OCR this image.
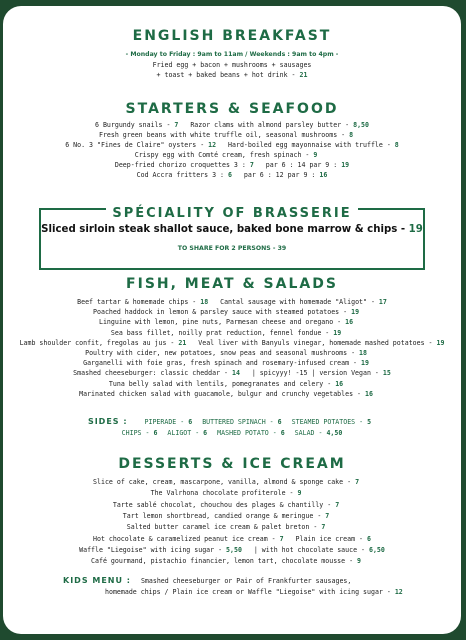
ENGLISH BREAKFAST
- Monday to Friday : 9am to 11am / Weekends : 9am to 4pm -
Fried egg + bacon + mushrooms + sausages
+ toast + baked beans + hot drink - 21
STARTERS & SEAFOOD
6 Burgundy snails - 7 Razor clams with almond parsley butter - 8,50
Fresh green beans with white truffle oil, seasonal mushrooms - 8
6 No. 3 "Fines de Claire" oysters - 12 Hard-boiled egg mayonnaise with truffle - 8
Crispy egg with Comté cream, fresh spinach - 9
Deep-fried chorizo croquettes 3 : 7 par 6 : 14 par 9 : 19
Cod Accra fritters 3 : 6 par 6 : 12 par 9 : 16
SPÉCIALITY OF BRASSERIE
Sliced sirloin steak shallot sauce, baked bone marrow & chips - 19
TO SHARE FOR 2 PERSONS - 39
FISH, MEAT & SALADS
Beef tartar & homemade chips - 18 Cantal sausage with homemade "Aligot" - 17
Poached haddock in lemon & parsley sauce with steamed potatoes - 19
Linguine with lemon, pine nuts, Parmesan cheese and oregano - 16
Sea bass fillet, noilly prat reduction, fennel fondue - 19
Lamb shoulder confit, fregolas au jus - 21 Veal liver with Banyuls vinegar, homemade mashed potatoes - 19
Poultry with cider, new potatoes, snow peas and seasonal mushrooms - 18
Garganelli with foie gras, fresh spinach and rosemary-infused cream - 19
Smashed cheeseburger: classic cheddar - 14 | spicyyy! -15 | version Vegan - 15
Tuna belly salad with lentils, pomegranates and celery - 16
Marinated chicken salad with guacamole, bulgur and crunchy vegetables - 16
SIDES :	PIPERADE - 6 BUTTERED SPINACH - 6 STEAMED POTATOES - 5
CHIPS - 6 ALIGOT - 6 MASHED POTATO - 6 SALAD - 4,50
DESSERTS & ICE CREAM
Slice of cake, cream, mascarpone, vanilla, almond & sponge cake - 7
The Valrhona chocolate profiterole - 9
Tarte sablé chocolat, chouchou des plages & chantilly - 7
Tart lemon shortbread, candied orange & meringue - 7
Salted butter caramel ice cream & palet breton - 7
Hot chocolate & caramelized peanut ice cream - 7 Plain ice cream - 6
Waffle "Liegoise" with icing sugar - 5,50 | with hot chocolate sauce - 6,50
Café gourmand, pistachio financier, lemon tart, chocolate mousse - 9
KIDS MENU : Smashed cheeseburger or Pair of Frankfurter sausages,
homemade chips / Plain ice cream or Waffle "Liegoise" with icing sugar - 12
